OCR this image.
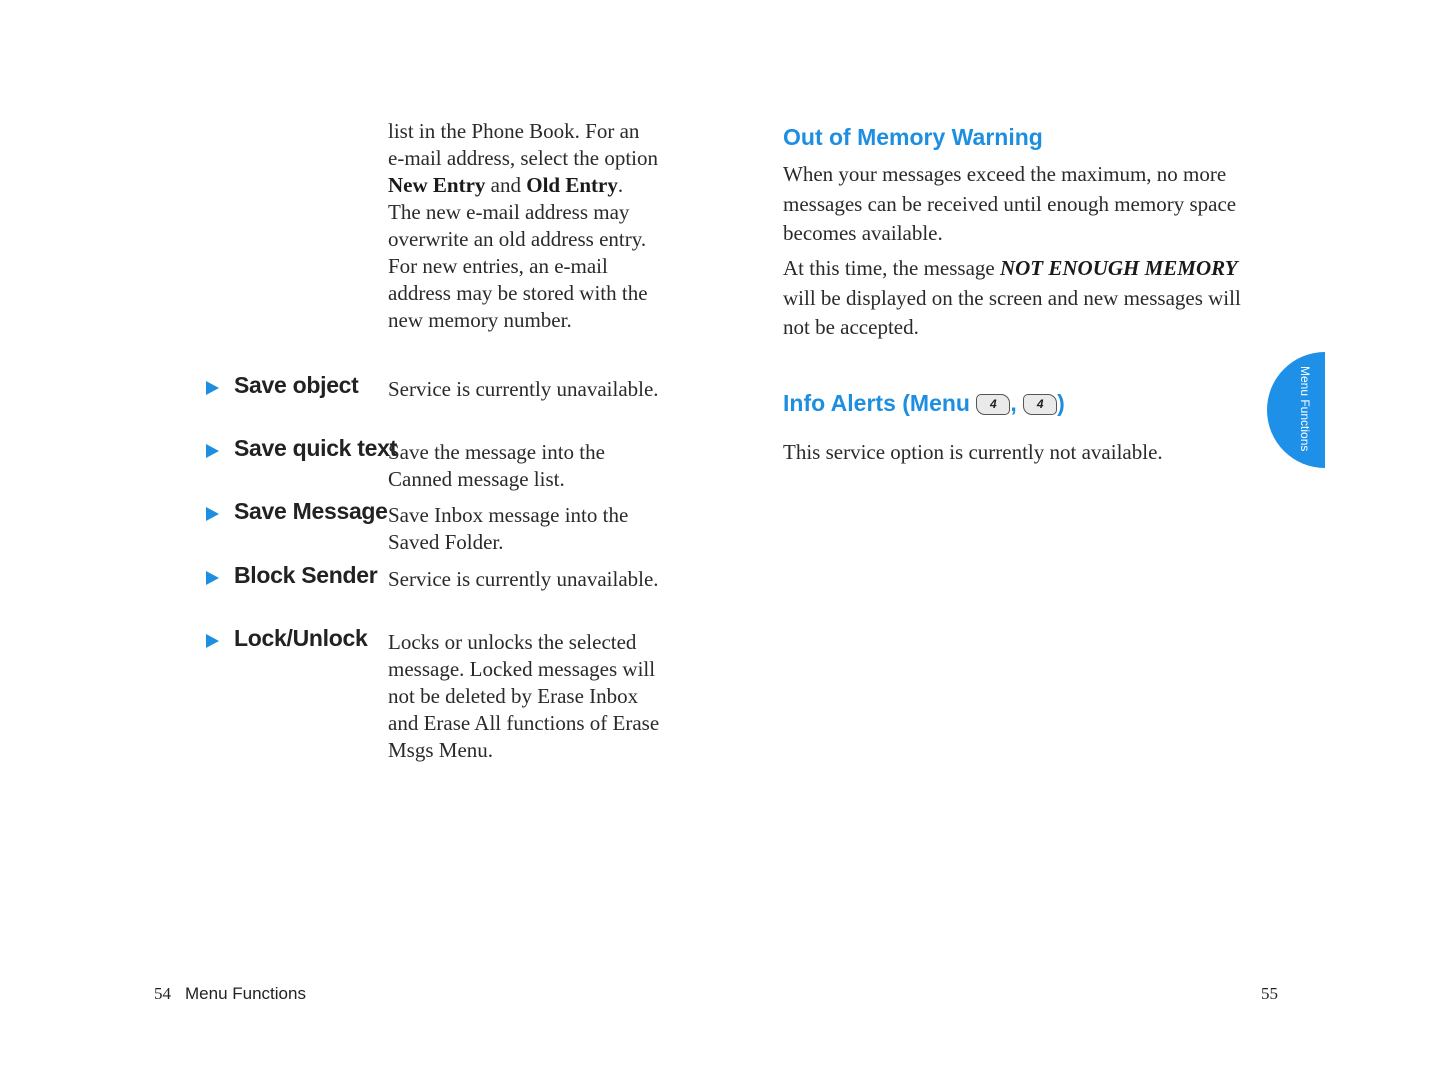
list in the Phone Book. For an e-mail address, select the option New Entry and Old Entry. The new e-mail address may overwrite an old address entry. For new entries, an e-mail address may be stored with the new memory number.
Save object Service is currently unavailable.
Save quick text
Save the message into the Canned message list.
Save Message Save Inbox message into the Saved Folder.
Block Sender Service is currently unavailable.
Lock/Unlock Locks or unlocks the selected message. Locked messages will not be deleted by Erase Inbox and Erase All functions of Erase Msgs Menu.
Out of Memory Warning
When your messages exceed the maximum, no more messages can be received until enough memory space becomes available.
At this time, the message NOT ENOUGH MEMORY will be displayed on the screen and new messages will not be accepted.
Info Alerts (Menu 4 , 4 )
This service option is currently not available.
Menu Functions
54 Menu Functions	55
